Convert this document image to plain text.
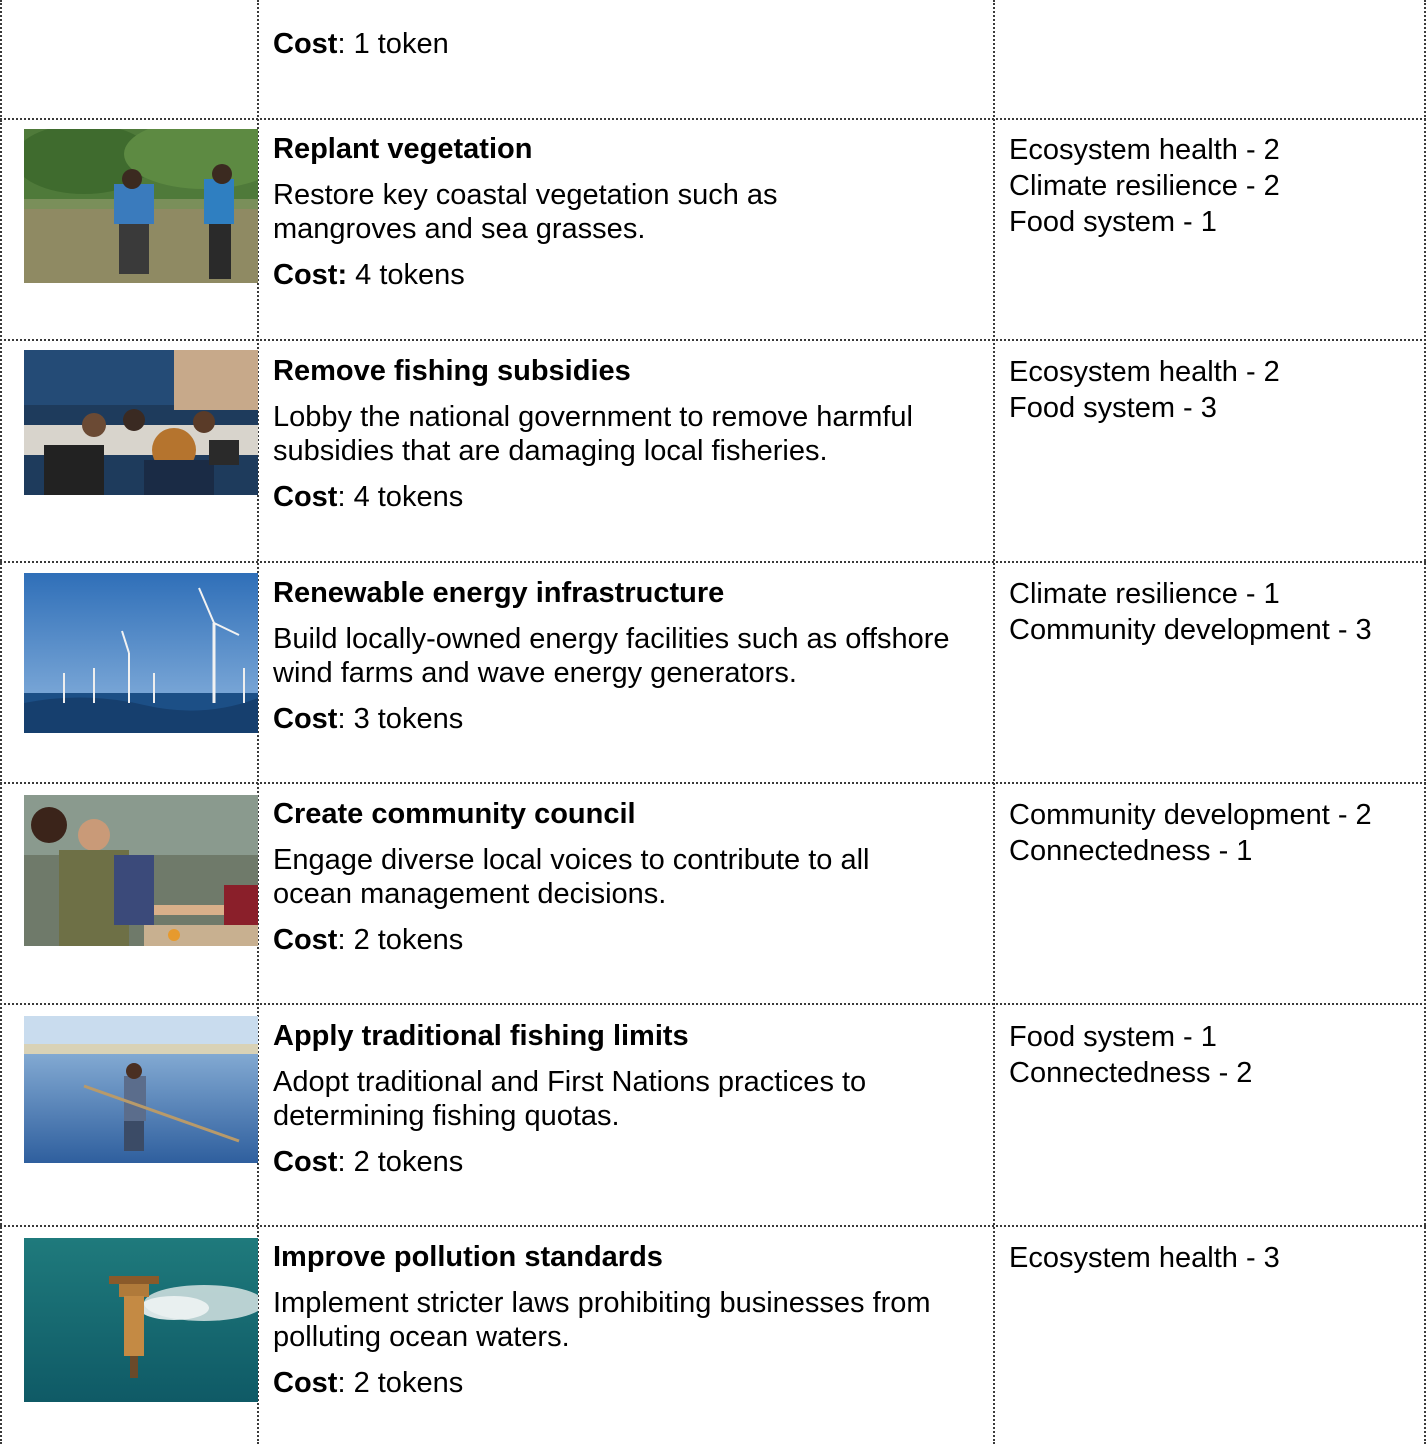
Cost: 1 token

Replant vegetation

Restore key coastal vegetation such as mangroves and sea grasses.

Cost: 4 tokens

Ecosystem health - 2
Climate resilience - 2
Food system - 1

Remove fishing subsidies

Lobby the national government to remove harmful subsidies that are damaging local fisheries.

Cost: 4 tokens

Ecosystem health - 2
Food system - 3

Renewable energy infrastructure

Build locally-owned energy facilities such as offshore wind farms and wave energy generators.

Cost: 3 tokens

Climate resilience - 1
Community development - 3

Create community council

Engage diverse local voices to contribute to all ocean management decisions.

Cost: 2 tokens

Community development - 2
Connectedness - 1

Apply traditional fishing limits

Adopt traditional and First Nations practices to determining fishing quotas.

Cost: 2 tokens

Food system - 1
Connectedness - 2

Improve pollution standards

Implement stricter laws prohibiting businesses from polluting ocean waters.

Cost: 2 tokens

Ecosystem health - 3
